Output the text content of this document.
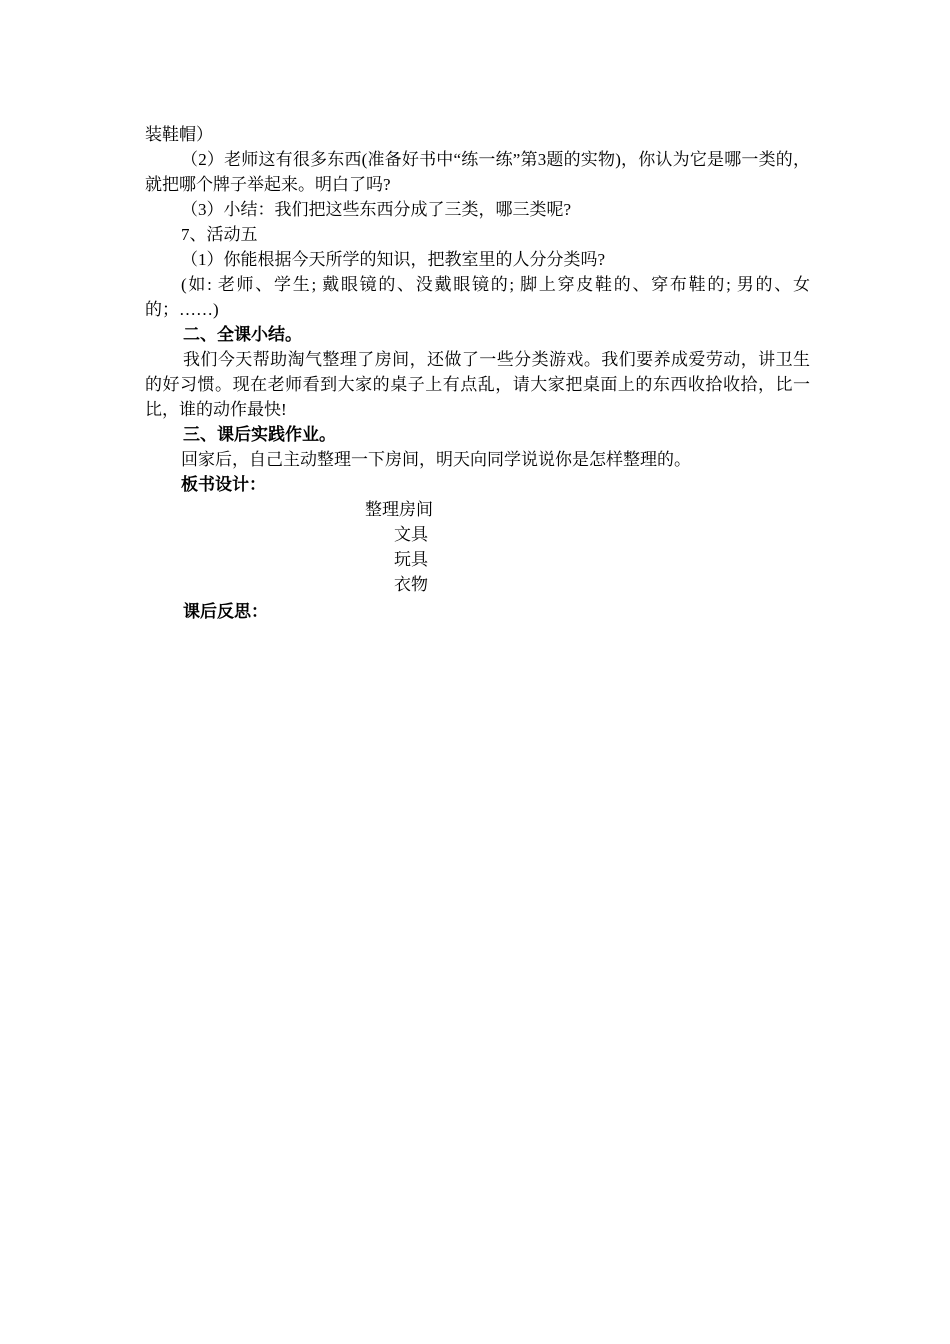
装鞋帽）

（2）老师这有很多东西(准备好书中“练一练”第3题的实物)，你认为它是哪一类的，就把哪个牌子举起来。明白了吗?

（3）小结：我们把这些东西分成了三类，哪三类呢?

7、活动五

（1）你能根据今天所学的知识，把教室里的人分分类吗?

(如: 老师、学生; 戴眼镜的、没戴眼镜的; 脚上穿皮鞋的、穿布鞋的; 男的、女的；……)

二、全课小结。

我们今天帮助淘气整理了房间，还做了一些分类游戏。我们要养成爱劳动，讲卫生的好习惯。现在老师看到大家的桌子上有点乱，请大家把桌面上的东西收拾收拾，比一比，谁的动作最快!

三、课后实践作业。

回家后，自己主动整理一下房间，明天向同学说说你是怎样整理的。

板书设计：

整理房间
文具
玩具
衣物

课后反思：
